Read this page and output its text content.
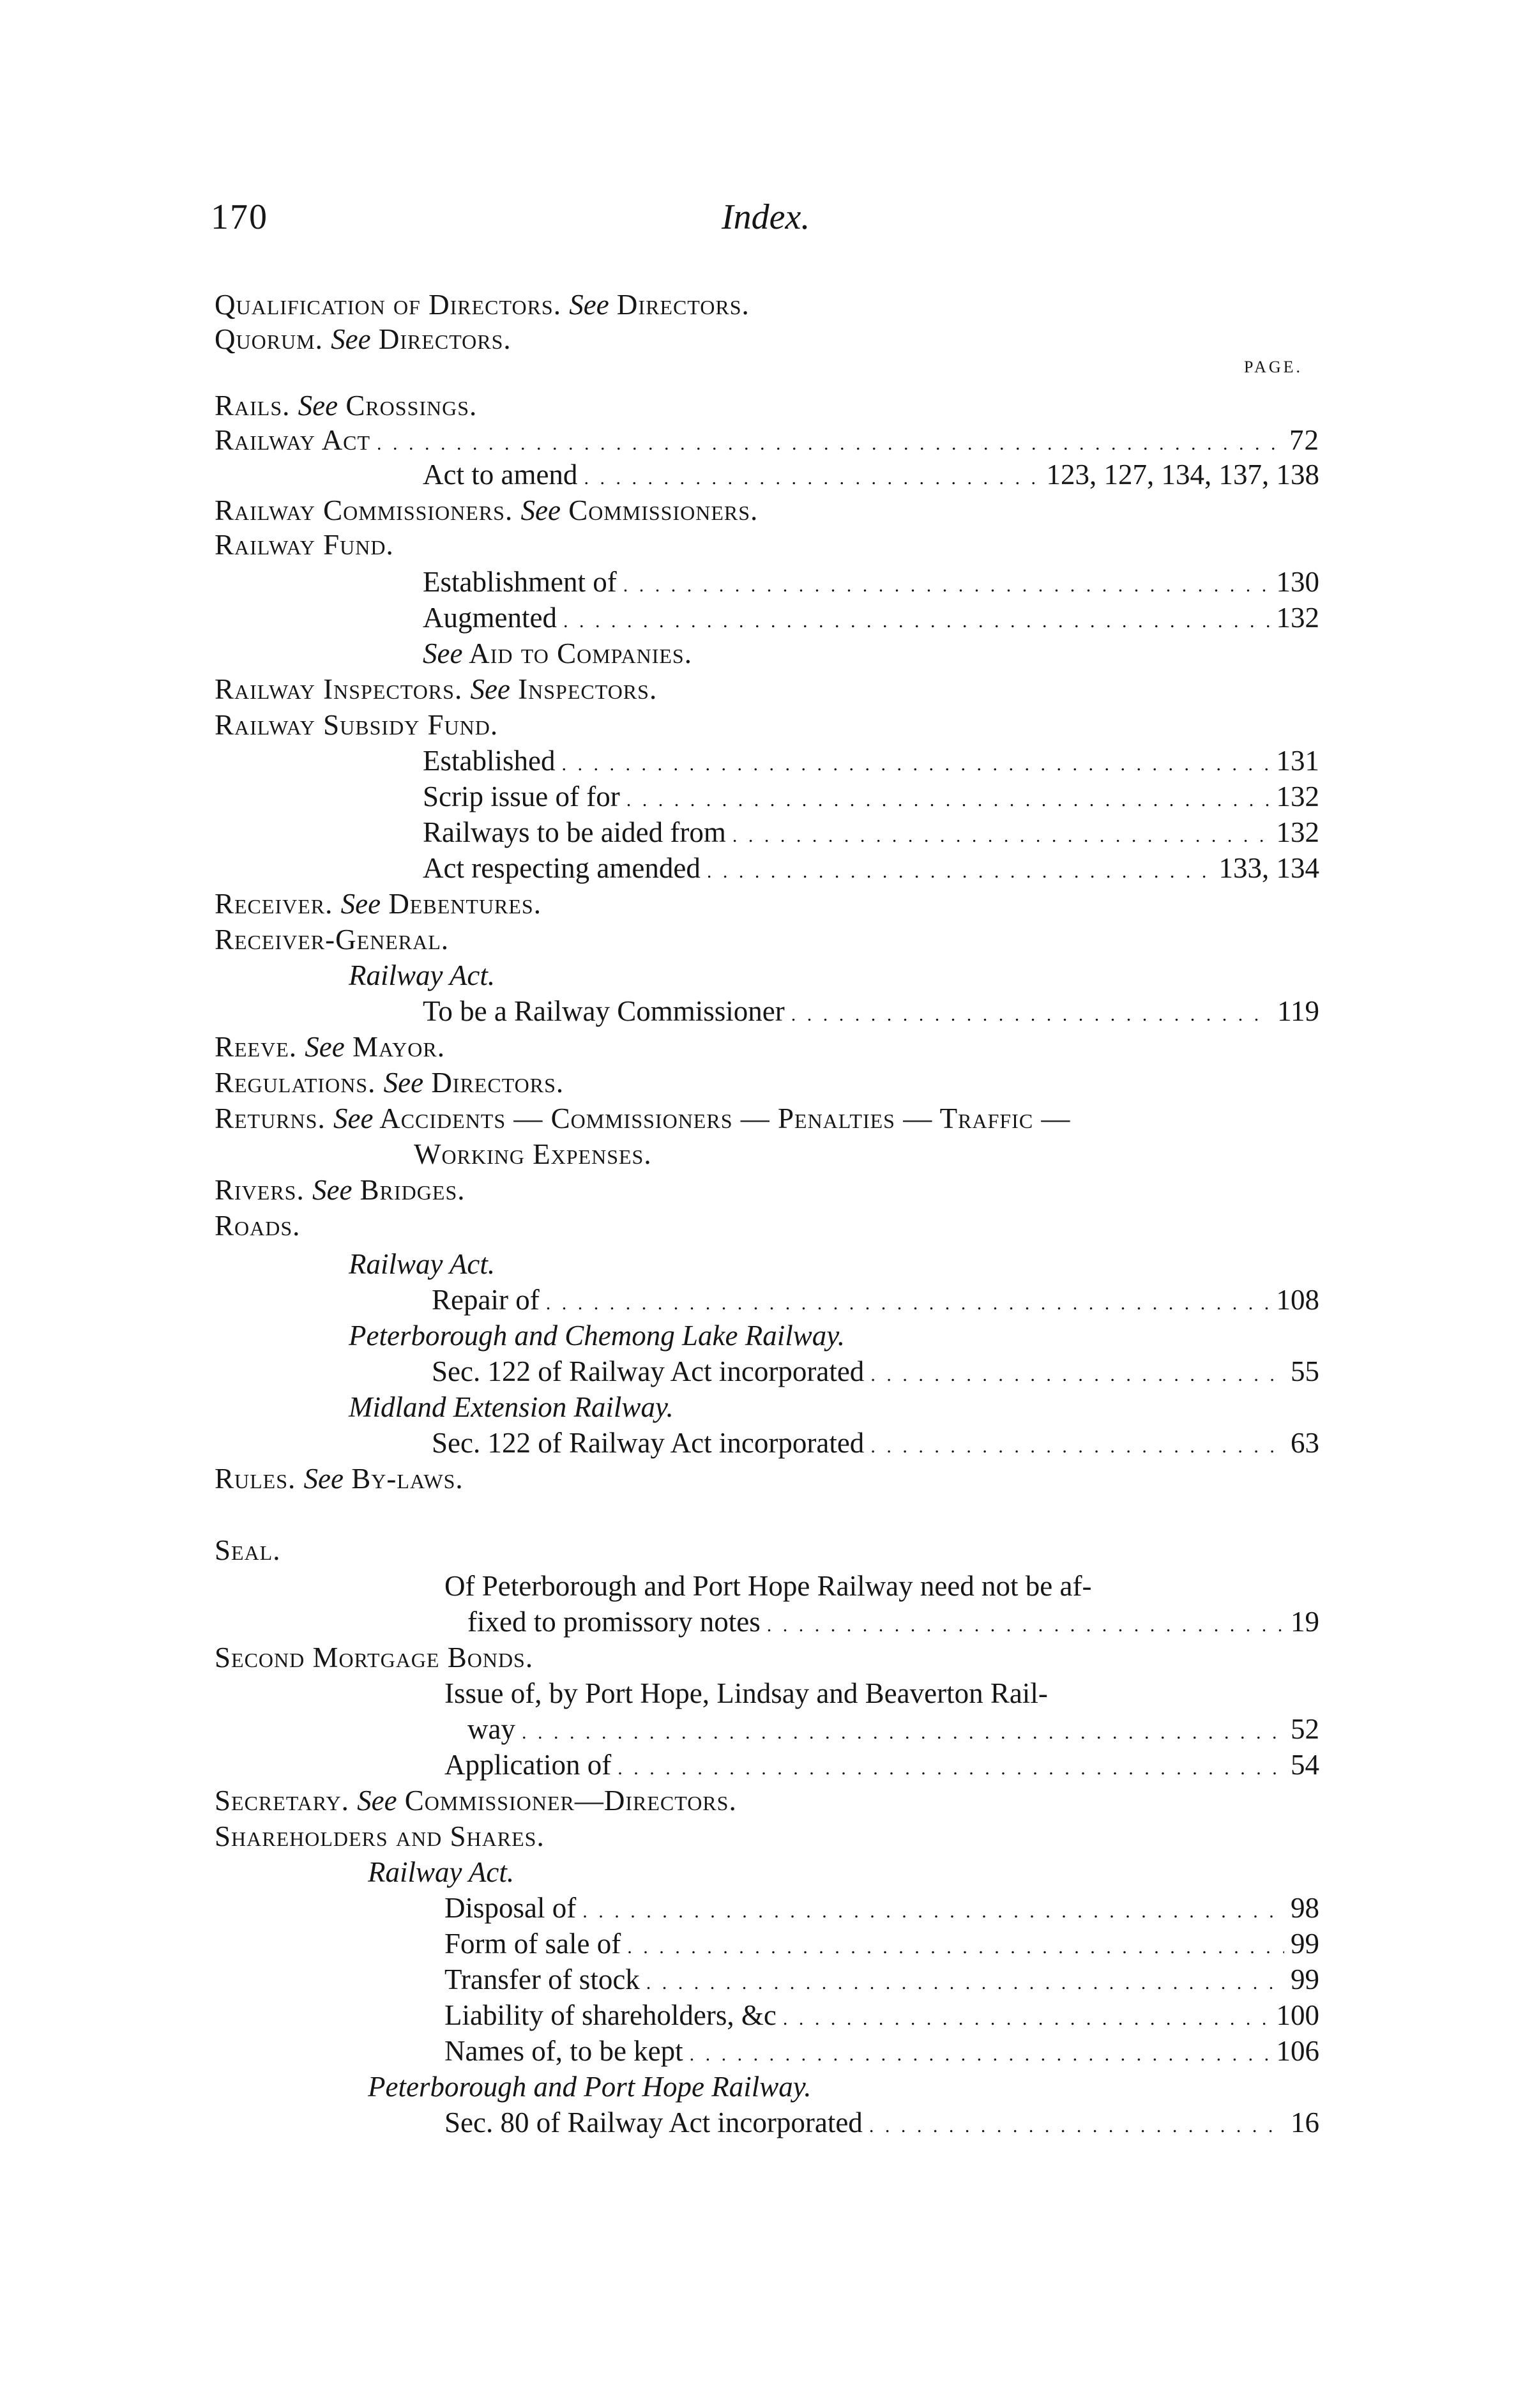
170	Index.
PAGE.
Qualification of Directors. See Directors.
Quorum. See Directors.
Rails. See Crossings.
Railway Act . . .	72
Act to amend . . .	123, 127, 134, 137, 138
Railway Commissioners. See Commissioners.
Railway Fund.
Establishment of . . .	130
Augmented . . .	132
See Aid to Companies.
Railway Inspectors. See Inspectors.
Railway Subsidy Fund.
Established . . .	131
Scrip issue of for . . .	132
Railways to be aided from . . .	132
Act respecting amended . . .	133, 134
Receiver. See Debentures.
Receiver-General.
Railway Act.
To be a Railway Commissioner . . .	119
Reeve. See Mayor.
Regulations. See Directors.
Returns. See Accidents — Commissioners — Penalties — Traffic —
Working Expenses.
Rivers. See Bridges.
Roads.
Railway Act.
Repair of . . .	108
Peterborough and Chemong Lake Railway.
Sec. 122 of Railway Act incorporated . . .	55
Midland Extension Railway.
Sec. 122 of Railway Act incorporated . . .	63
Rules. See By-laws.
Seal.
Of Peterborough and Port Hope Railway need not be af-
fixed to promissory notes . . .	19
Second Mortgage Bonds.
Issue of, by Port Hope, Lindsay and Beaverton Rail-
way . . .	52
Application of . . .	54
Secretary. See Commissioner—Directors.
Shareholders and Shares.
Railway Act.
Disposal of . . .	98
Form of sale of . . .	99
Transfer of stock . . .	99
Liability of shareholders, &c . . .	100
Names of, to be kept . . .	106
Peterborough and Port Hope Railway.
Sec. 80 of Railway Act incorporated . . .	16
